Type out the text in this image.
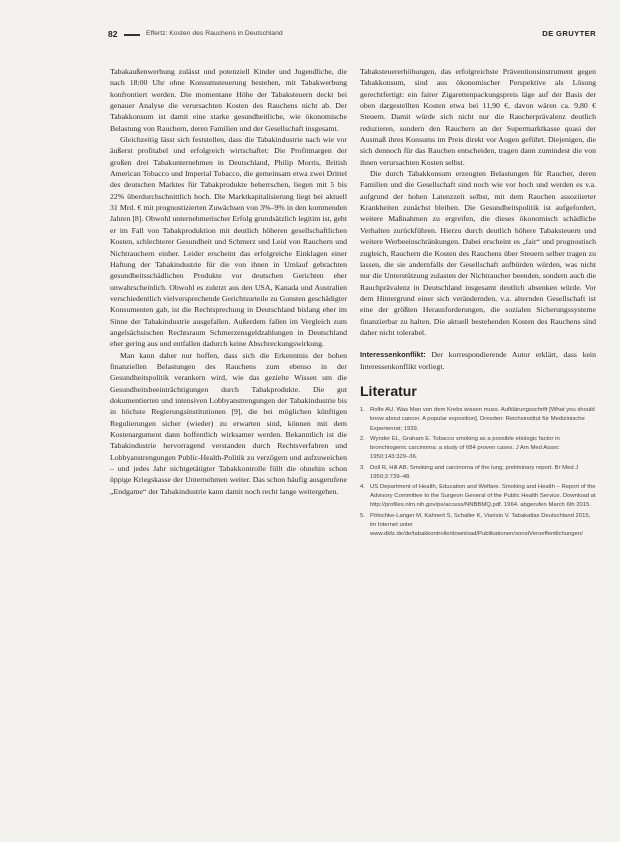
82	Effertz: Kosten des Rauchens in Deutschland	DE GRUYTER

Tabakaußenwerbung zulässt und potenziell Kinder und Jugendliche, die nach 18:00 Uhr ohne Konsumsteuerung bestehen, mit Tabakwerbung konfrontiert werden. Die momentane Höhe der Tabaksteuern deckt bei genauer Analyse die verursachten Kosten des Rauchens nicht ab. Der Tabakkonsum ist damit eine starke gesundheitliche, wie ökonomische Belastung von Rauchern, deren Familien und der Gesellschaft insgesamt.

Gleichzeitig lässt sich feststellen, dass die Tabakindustrie nach wie vor äußerst profitabel und erfolgreich wirtschaftet: Die Profitmargen der großen drei Tabakunternehmen in Deutschland, Philip Morris, British American Tobacco und Imperial Tobacco, die gemeinsam etwa zwei Drittel des deutschen Marktes für Tabakprodukte beherrschen, liegen mit 5 bis 22% überdurchschnittlich hoch. Die Marktkapitalisierung liegt bei aktuell 31 Mrd. € mit prognostizierten Zuwächsen von 3%–9% in den kommenden Jahren [8]. Obwohl unternehmerischer Erfolg grundsätzlich legitim ist, geht er im Fall von Tabakproduktion mit deutlich höheren gesellschaftlichen Kosten, schlechterer Gesundheit und Schmerz und Leid von Rauchern und Nichtrauchern einher. Leider erscheint das erfolgreiche Einklagen einer Haftung der Tabakindustrie für die von ihnen in Umlauf gebrachten gesundheitsschädlichen Produkte vor deutschen Gerichten eher unwahrscheinlich. Obwohl es zuletzt aus den USA, Kanada und Australien verschiedentlich vielversprechende Gerichtsurteile zu Gunsten geschädigter Konsumenten gab, ist die Rechtsprechung in Deutschland bislang eher im Sinne der Tabakindustrie ausgefallen. Außerdem fallen im Vergleich zum angelsächsischen Rechtsraum Schmerzensgeldzahlungen in Deutschland eher gering aus und entfallen dadurch keine Abschreckungswirkung.

Man kann daher nur hoffen, dass sich die Erkenntnis der hohen finanziellen Belastungen des Rauchens zum ebenso in der Gesundheitspolitik verankern wird, wie das gezielte Wissen um die Gesundheitsbeeinträchtigungen durch Tabakprodukte. Die gut dokumentierten und intensiven Lobbyanstrengungen der Tabakindustrie bis in höchste Regierungsinstitutionen [9], die bei möglichen künftigen Regulierungen sicher (wieder) zu erwarten sind, können mit dem Kostenargument dann hoffentlich wirksamer werden. Bekanntlich ist die Tabakindustrie hervorragend verstanden durch Rechtsverfahren und Lobbyanstrengungen Public-Health-Politik zu verzögern und aufzuweichen – und jedes Jahr nichtgetätigter Tabakkontrolle füllt die ohnehin schon üppige Kriegskasse der Unternehmen weiter. Das schon häufig ausgerufene „Endgame“ der Tabakindustrie kann damit noch recht lange weitergehen.

Tabaksteuererhöhungen, das erfolgreichste Präventionsinstrument gegen Tabakkonsum, sind aus ökonomischer Perspektive als Lösung gerechtfertigt: ein fairer Zigarettenpackungspreis läge auf der Basis der oben dargestellten Kosten etwa bei 11,90 €, davon wären ca. 9,80 € Steuern. Damit würde sich nicht nur die Raucherprävalenz deutlich reduzieren, sondern den Rauchern an der Supermarktkasse quasi der Ausmaß ihres Konsums im Preis direkt vor Augen geführt. Diejenigen, die sich dennoch für das Rauchen entscheiden, tragen dann zumindest die von ihnen verursachten Kosten selbst.

Die durch Tabakkonsum erzeugten Belastungen für Raucher, deren Familien und die Gesellschaft sind noch wie vor hoch und werden es v.a. aufgrund der hohen Latenzzeit selbst, mit dem Rauchen assoziierter Krankheiten zunächst bleiben. Die Gesundheitspolitik ist aufgefordert, weitere Maßnahmen zu ergreifen, die dieses ökonomisch schädliche Verhalten zurückführen. Hierzu durch deutlich höhere Tabaksteuern und weitere Werbeeinschränkungen. Dabei erscheint es „fair“ und prognostisch zugleich, Rauchern die Kosten des Rauchens über Steuern selber tragen zu lassen, die sie andernfalls der Gesellschaft aufbürden würden, was nicht nur die Unterstützung zulasten der Nichtraucher beenden, sondern auch die Rauchprävalenz in Deutschland insgesamt deutlich absenken würde. Vor dem Hintergrund einer sich verändernden, v.a. alternden Gesellschaft ist eine der größten Herausforderungen, die sozialen Sicherungssysteme finanzierbar zu halten. Die aktuell bestehenden Kosten des Rauchens sind daher nicht tolerabel.

Interessenkonflikt: Der korrespondierende Autor erklärt, dass kein Interessenkonflikt vorliegt.

Literatur
1. Rolfe AU. Was Man von dem Krebs wissen muss. Aufklärungsschrift [What you should know about cancer. A popular exposition]. Dresden: Reichsinstitut für Medizinische Expertenrat; 1939.
2. Wynder EL, Graham E. Tobacco smoking as a possible etiologic factor in bronchiogenic carcinoma: a study of 684 proven cases. J Am Med Assoc 1950;143:329–36.
3. Doll R, Hill AB. Smoking and carcinoma of the lung; preliminary report. Br Med J 1950;2:739–48.
4. US Department of Health, Education and Welfare. Smoking and Health – Report of the Advisory Committee to the Surgeon General of the Public Health Service. Download at http://profiles.nlm.nih.gov/ps/access/NNBBMQ.pdf. 1964. abgerufen March 6th 2015.
5. Pötschke-Langer M, Kahnert S, Schaller K, Viarisio V. Tabakatlas Deutschland 2015, im Internet unter www.dkfz.de/de/tabakkontrolle/download/Publikationen/sonstVeroeffentlichungen/
